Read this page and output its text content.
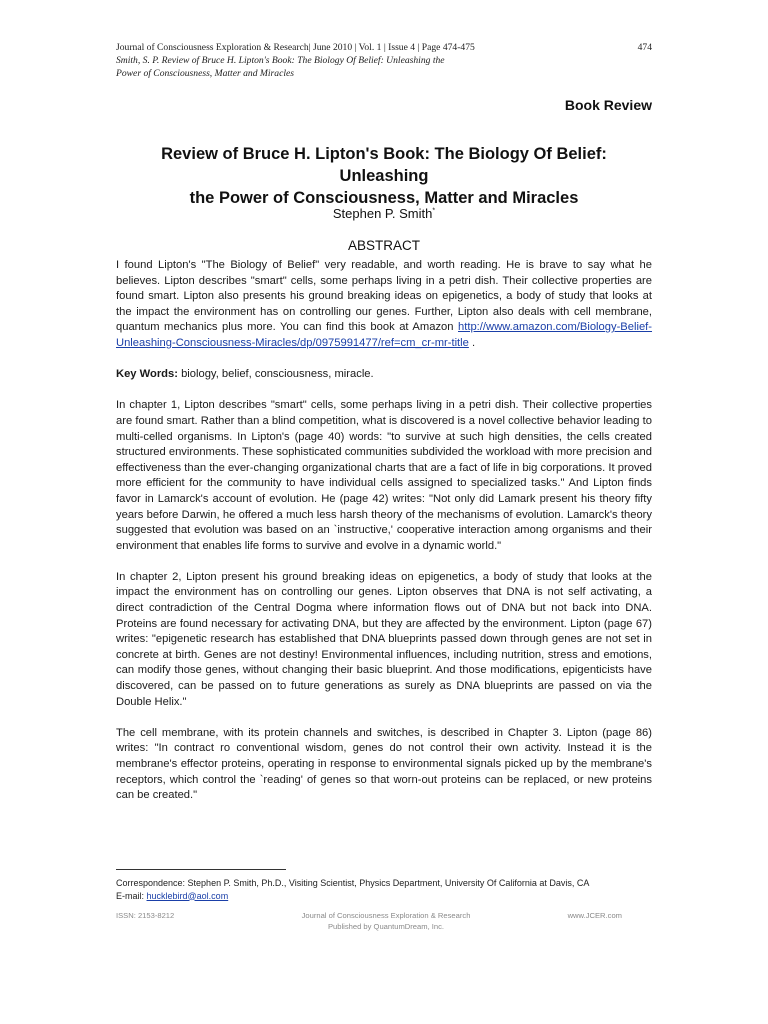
Journal of Consciousness Exploration & Research| June 2010 | Vol. 1 | Issue 4 | Page 474-475	474
Smith, S. P. Review of Bruce H. Lipton's Book: The Biology Of Belief: Unleashing the
Power of Consciousness, Matter and Miracles
Book Review
Review of Bruce H. Lipton's Book: The Biology Of Belief: Unleashing
the Power of Consciousness, Matter and Miracles
Stephen P. Smith*
ABSTRACT

I found Lipton's "The Biology of Belief" very readable, and worth reading. He is brave to say what he believes. Lipton describes "smart" cells, some perhaps living in a petri dish. Their collective properties are found smart. Lipton also presents his ground breaking ideas on epigenetics, a body of study that looks at the impact the environment has on controlling our genes. Further, Lipton also deals with cell membrane, quantum mechanics plus more. You can find this book at Amazon http://www.amazon.com/Biology-Belief-Unleashing-Consciousness-Miracles/dp/0975991477/ref=cm_cr-mr-title .

Key Words: biology, belief, consciousness, miracle.

In chapter 1, Lipton describes "smart" cells, some perhaps living in a petri dish. Their collective properties are found smart. Rather than a blind competition, what is discovered is a novel collective behavior leading to multi-celled organisms. In Lipton's (page 40) words: "to survive at such high densities, the cells created structured environments. These sophisticated communities subdivided the workload with more precision and effectiveness than the ever-changing organizational charts that are a fact of life in big corporations. It proved more efficient for the community to have individual cells assigned to specialized tasks." And Lipton finds favor in Lamarck's account of evolution. He (page 42) writes: "Not only did Lamark present his theory fifty years before Darwin, he offered a much less harsh theory of the mechanisms of evolution. Lamarck's theory suggested that evolution was based on an `instructive,' cooperative interaction among organisms and their environment that enables life forms to survive and evolve in a dynamic world."

In chapter 2, Lipton present his ground breaking ideas on epigenetics, a body of study that looks at the impact the environment has on controlling our genes. Lipton observes that DNA is not self activating, a direct contradiction of the Central Dogma where information flows out of DNA but not back into DNA. Proteins are found necessary for activating DNA, but they are affected by the environment. Lipton (page 67) writes: "epigenetic research has established that DNA blueprints passed down through genes are not set in concrete at birth. Genes are not destiny! Environmental influences, including nutrition, stress and emotions, can modify those genes, without changing their basic blueprint. And those modifications, epigenticists have discovered, can be passed on to future generations as surely as DNA blueprints are passed on via the Double Helix."

The cell membrane, with its protein channels and switches, is described in Chapter 3. Lipton (page 86) writes: "In contract ro conventional wisdom, genes do not control their own activity. Instead it is the membrane's effector proteins, operating in response to environmental signals picked up by the membrane's receptors, which control the `reading' of genes so that worn-out proteins can be replaced, or new proteins can be created."

Correspondence: Stephen P. Smith, Ph.D., Visiting Scientist, Physics Department, University Of California at Davis, CA
E-mail: hucklebird@aol.com
ISSN: 2153-8212	Journal of Consciousness Exploration & Research
Published by QuantumDream, Inc.
www.JCER.com
